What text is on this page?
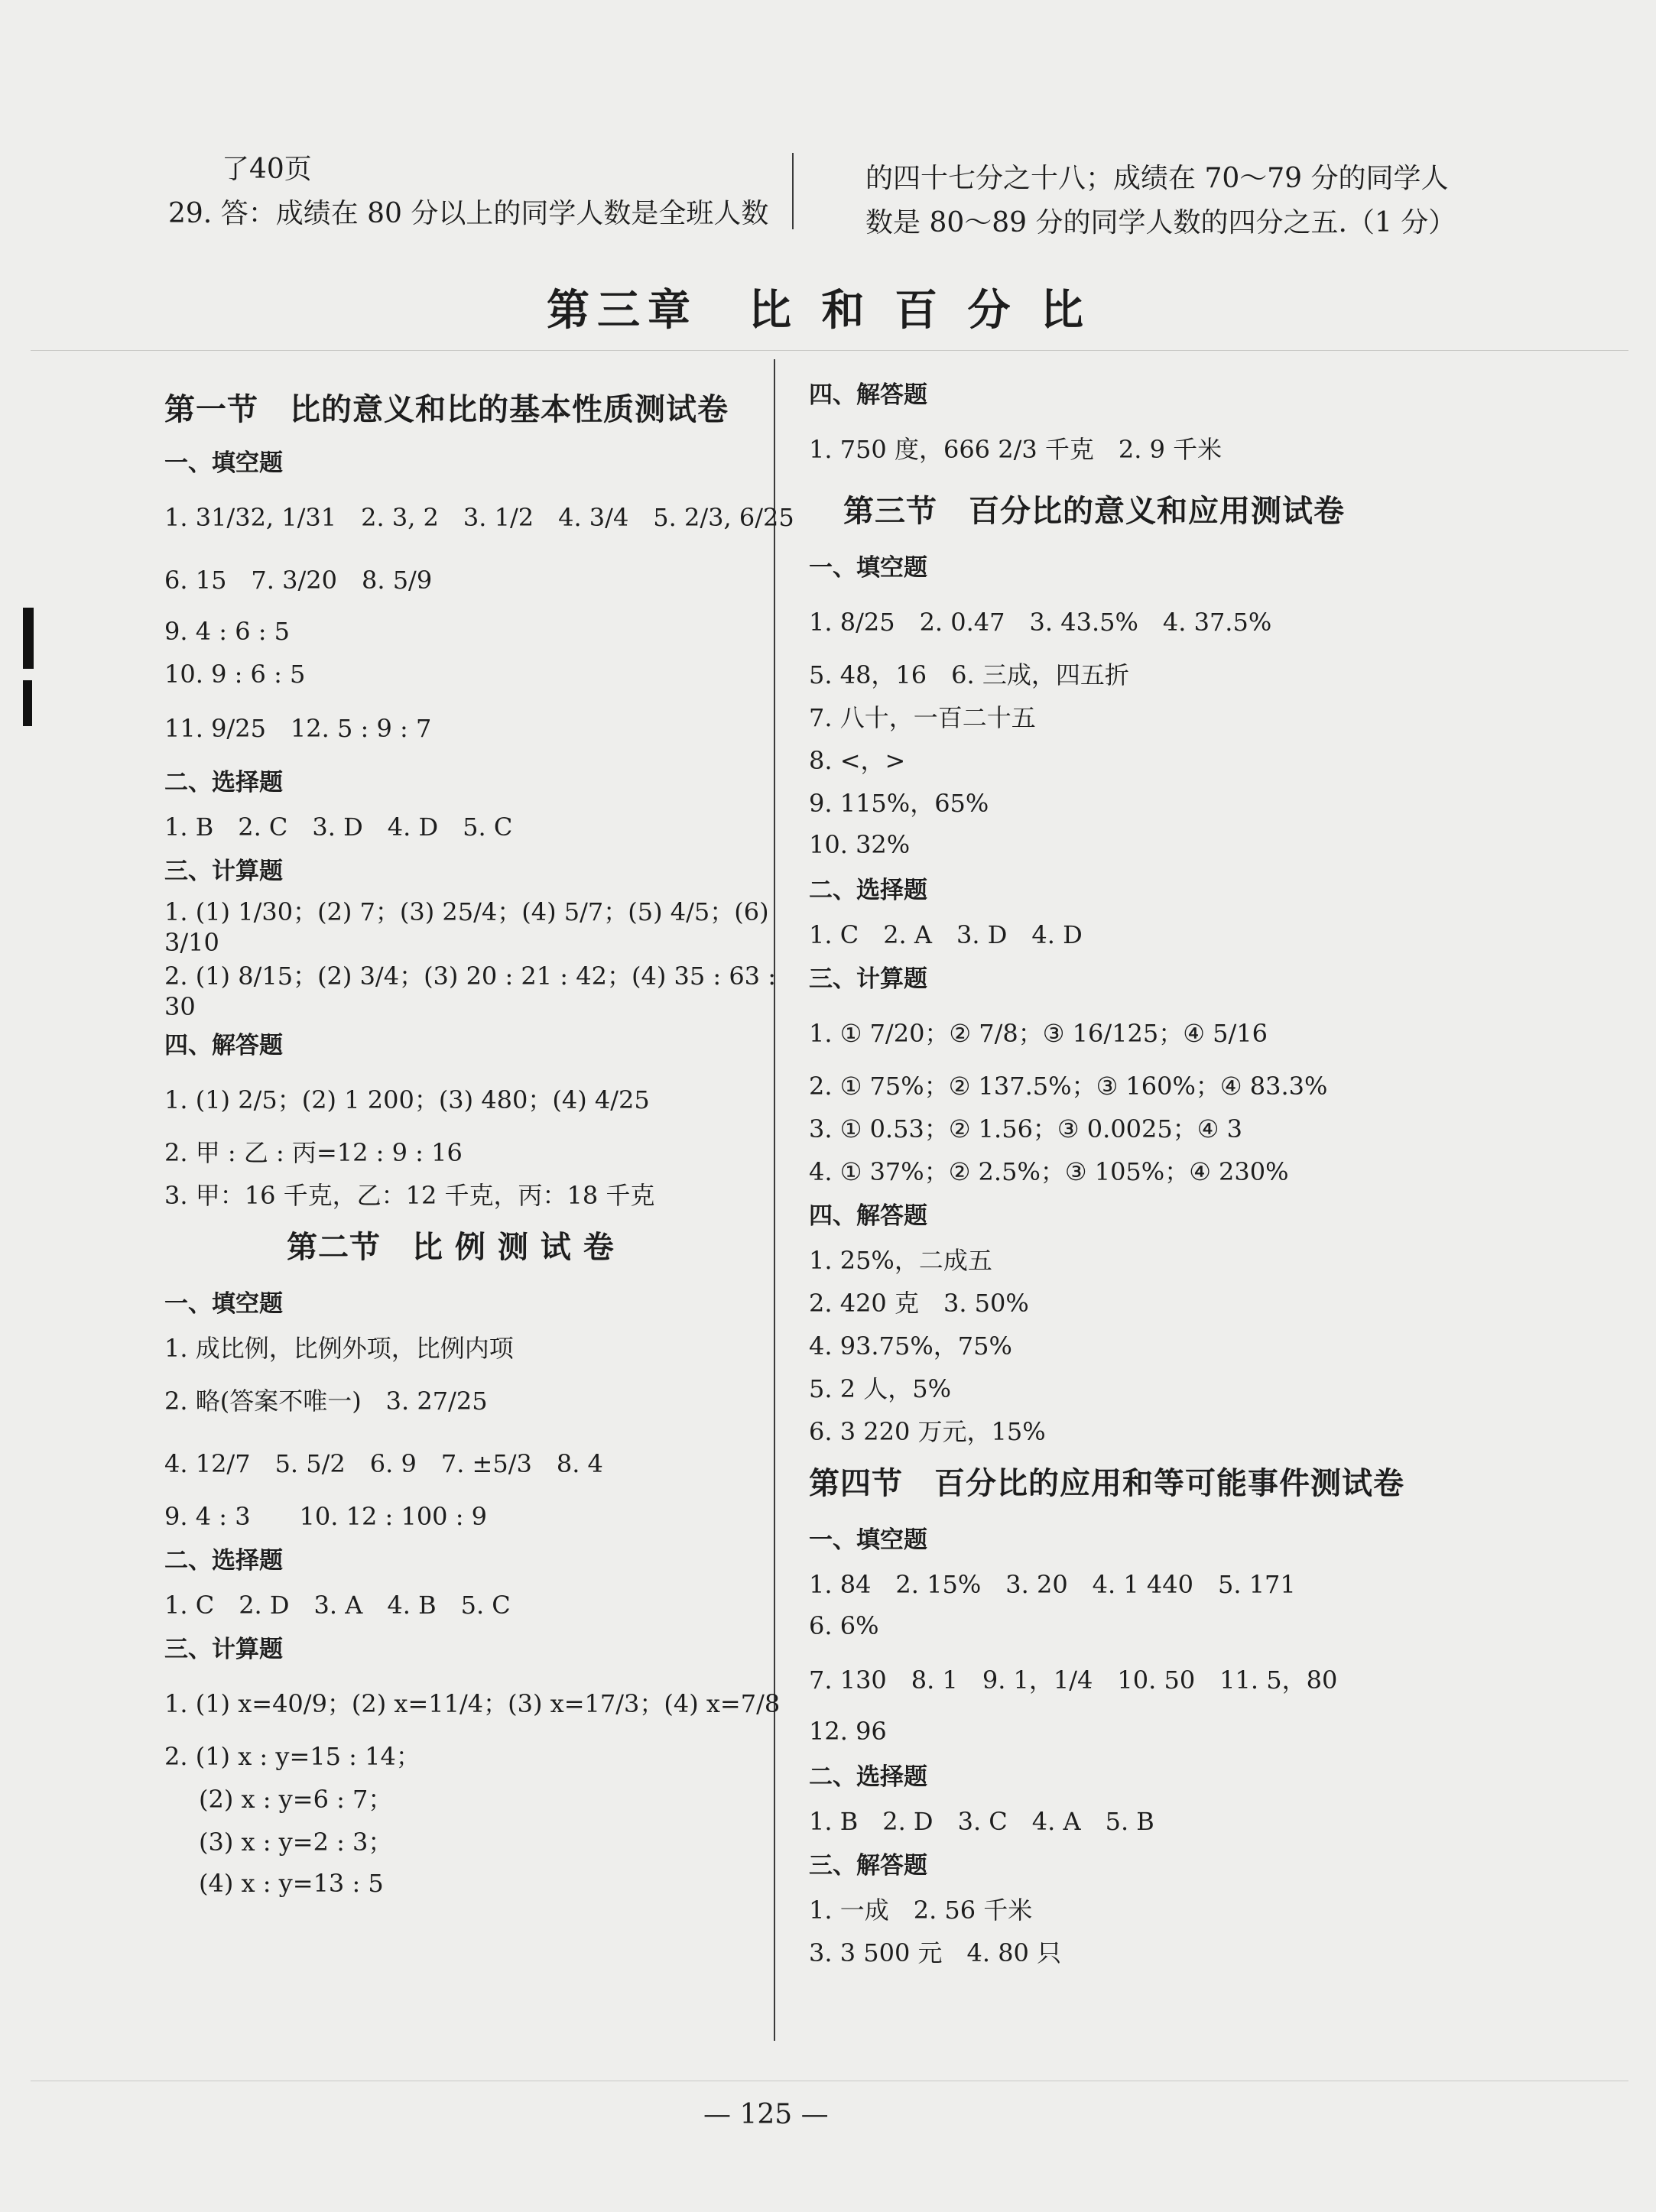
了40页
29. 答：成绩在 80 分以上的同学人数是全班人数
的四十七分之十八；成绩在 70～79 分的同学人
数是 80～89 分的同学人数的四分之五.（1 分）
第三章　比 和 百 分 比
第一节　比的意义和比的基本性质测试卷
一、填空题
1. 31/32, 1/31　2. 3, 2　3. 1/2　4. 3/4　5. 2/3, 6/25
6. 15　7. 3/20　8. 5/9
9. 4 : 6 : 5
10. 9 : 6 : 5
11. 9/25　12. 5 : 9 : 7
二、选择题
1. B　2. C　3. D　4. D　5. C
三、计算题
1. (1) 1/30；(2) 7；(3) 25/4；(4) 5/7；(5) 4/5；(6) 3/10
2. (1) 8/15；(2) 3/4；(3) 20 : 21 : 42；(4) 35 : 63 : 30
四、解答题
1. (1) 2/5；(2) 1 200；(3) 480；(4) 4/25
2. 甲 : 乙 : 丙=12 : 9 : 16
3. 甲：16 千克，乙：12 千克，丙：18 千克
第二节　比 例 测 试 卷
一、填空题
1. 成比例，比例外项，比例内项
2. 略(答案不唯一)　3. 27/25
4. 12/7　5. 5/2　6. 9　7. ±5/3　8. 4
9. 4 : 3　　10. 12 : 100 : 9
二、选择题
1. C　2. D　3. A　4. B　5. C
三、计算题
1. (1) x=40/9；(2) x=11/4；(3) x=17/3；(4) x=7/8
2. (1) x : y=15 : 14；
(2) x : y=6 : 7；
(3) x : y=2 : 3；
(4) x : y=13 : 5
四、解答题
1. 750 度，666 2/3 千克　2. 9 千米
第三节　百分比的意义和应用测试卷
一、填空题
1. 8/25　2. 0.47　3. 43.5%　4. 37.5%
5. 48，16　6. 三成，四五折
7. 八十，一百二十五
8. <，>
9. 115%，65%
10. 32%
二、选择题
1. C　2. A　3. D　4. D
三、计算题
1. ① 7/20；② 7/8；③ 16/125；④ 5/16
2. ① 75%；② 137.5%；③ 160%；④ 83.3%
3. ① 0.53；② 1.56；③ 0.0025；④ 3
4. ① 37%；② 2.5%；③ 105%；④ 230%
四、解答题
1. 25%，二成五
2. 420 克　3. 50%
4. 93.75%，75%
5. 2 人，5%
6. 3 220 万元，15%
第四节　百分比的应用和等可能事件测试卷
一、填空题
1. 84　2. 15%　3. 20　4. 1 440　5. 171
6. 6%
7. 130　8. 1　9. 1，1/4　10. 50　11. 5，80
12. 96
二、选择题
1. B　2. D　3. C　4. A　5. B
三、解答题
1. 一成　2. 56 千米
3. 3 500 元　4. 80 只
— 125 —
